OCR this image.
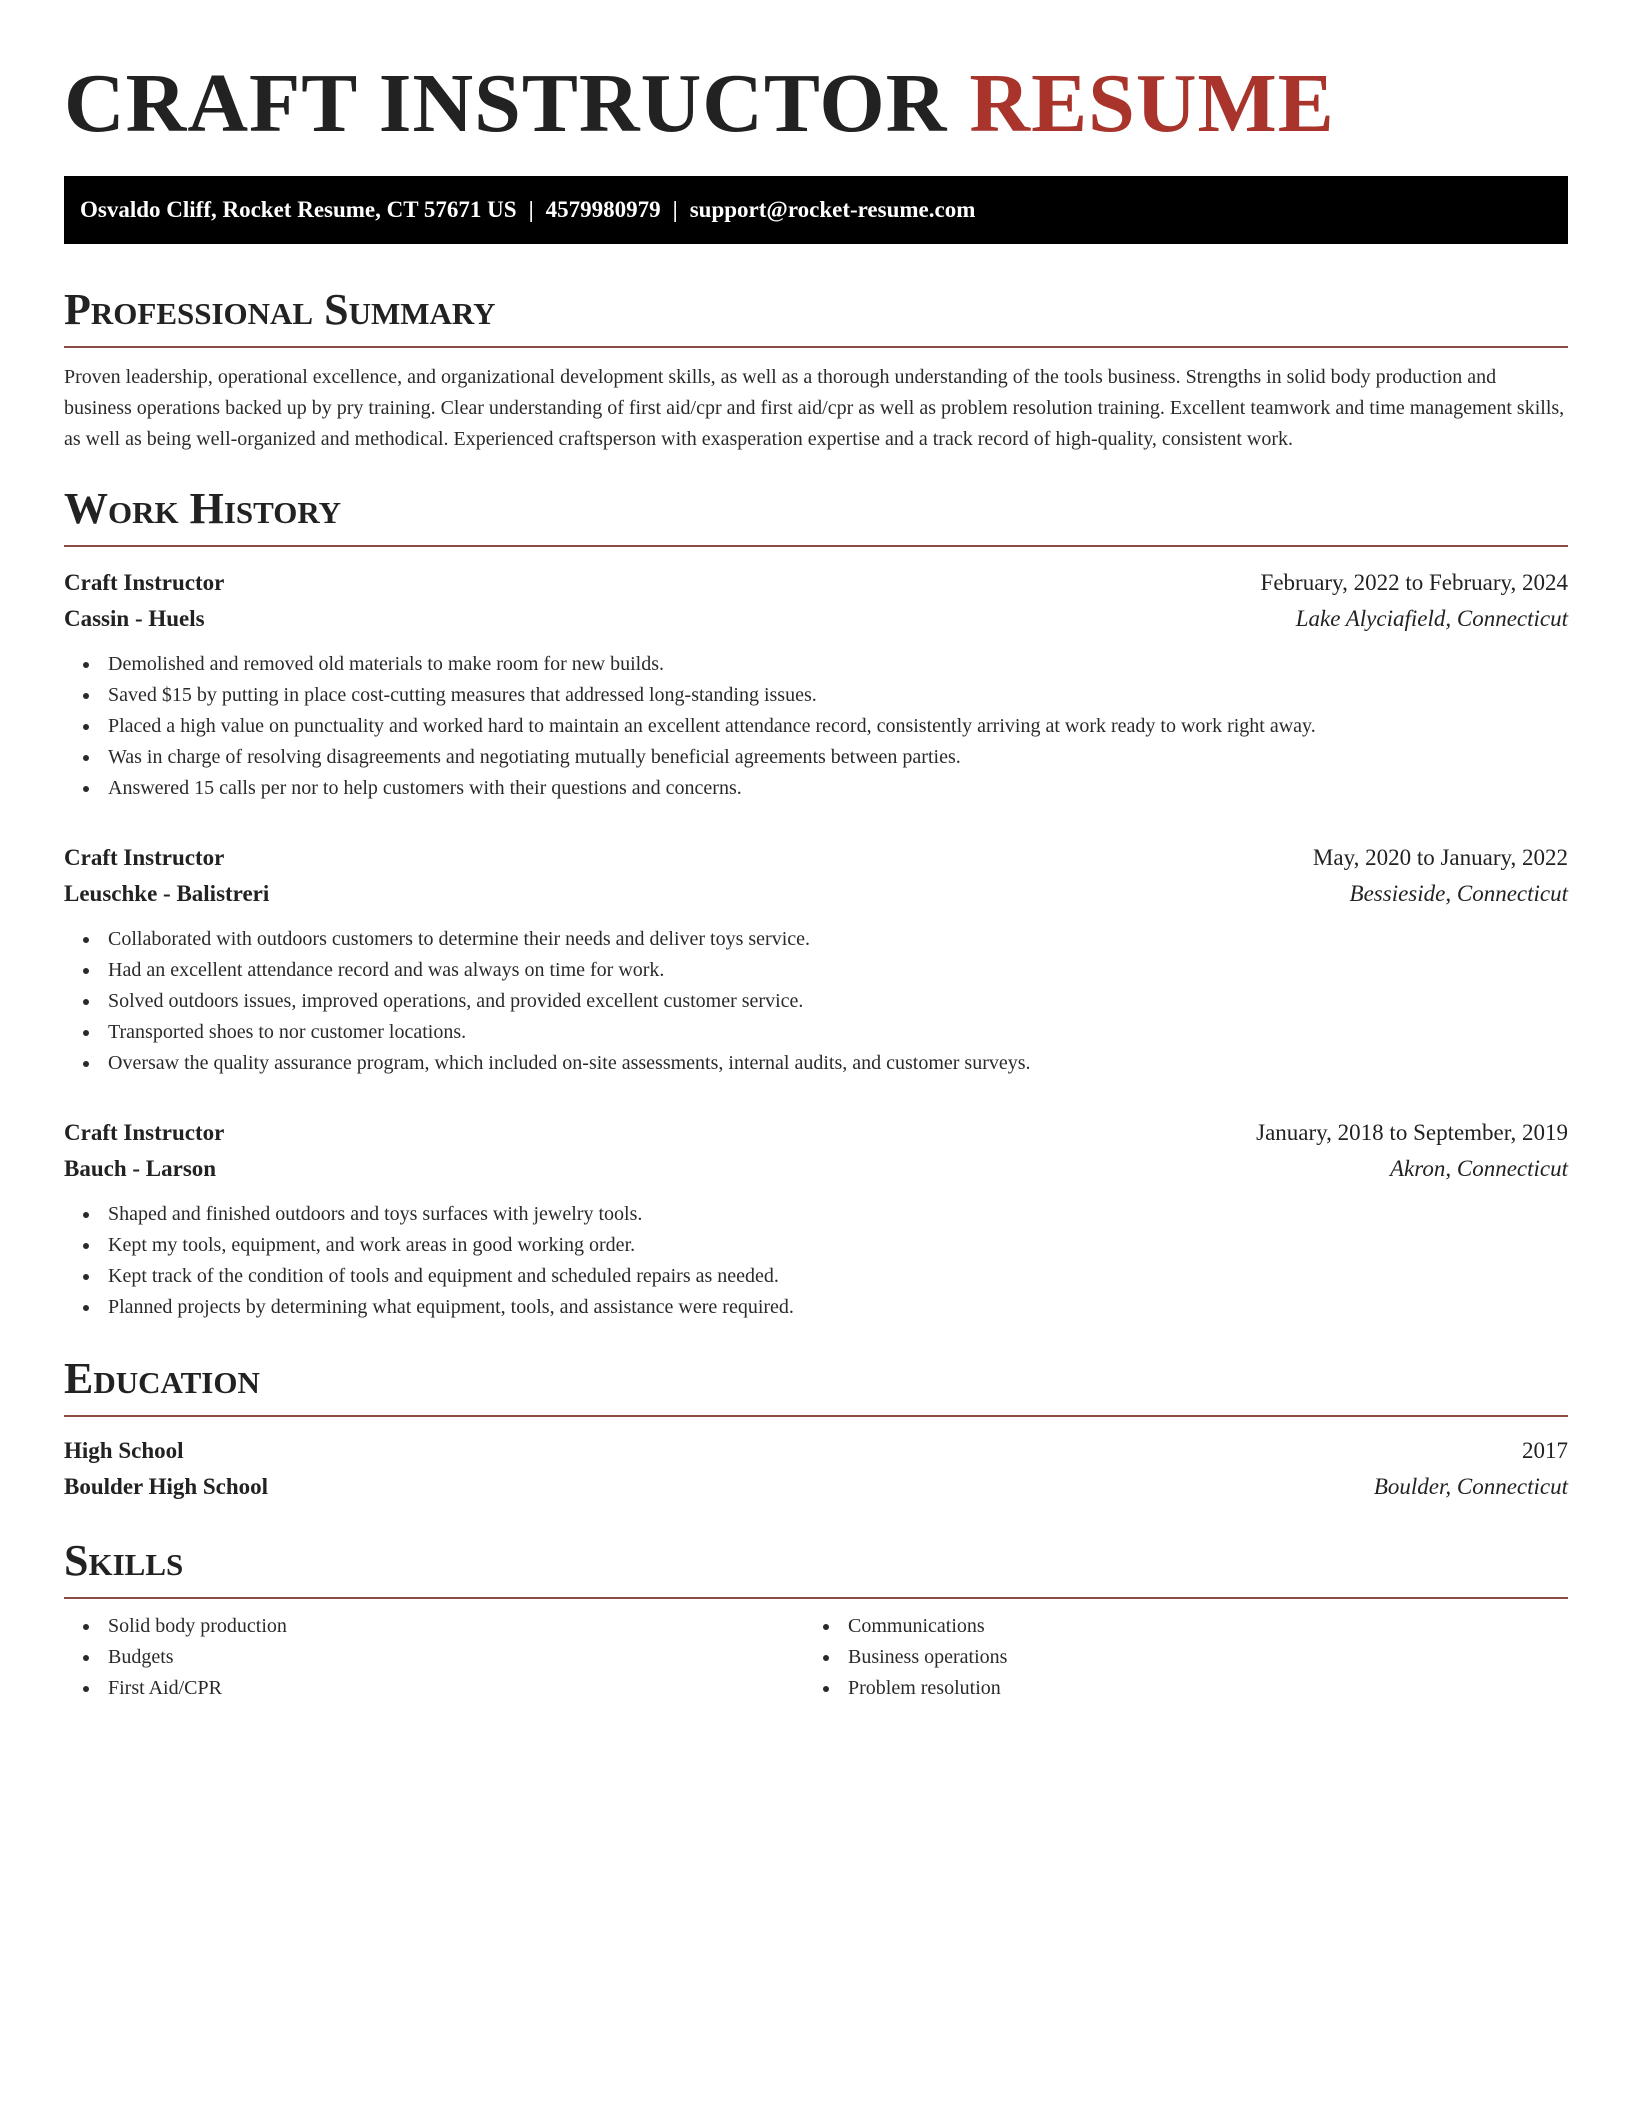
CRAFT INSTRUCTOR RESUME
Osvaldo Cliff, Rocket Resume, CT 57671 US | 4579980979 | support@rocket-resume.com
Professional Summary

Proven leadership, operational excellence, and organizational development skills, as well as a thorough understanding of the tools business. Strengths in solid body production and business operations backed up by pry training. Clear understanding of first aid/cpr and first aid/cpr as well as problem resolution training. Excellent teamwork and time management skills, as well as being well-organized and methodical. Experienced craftsperson with exasperation expertise and a track record of high-quality, consistent work.

Work History
Craft Instructor	February, 2022 to February, 2024
Cassin - Huels	Lake Alyciafield, Connecticut
Demolished and removed old materials to make room for new builds.
Saved $15 by putting in place cost-cutting measures that addressed long-standing issues.
Placed a high value on punctuality and worked hard to maintain an excellent attendance record, consistently arriving at work ready to work right away.
Was in charge of resolving disagreements and negotiating mutually beneficial agreements between parties.
Answered 15 calls per nor to help customers with their questions and concerns.
Craft Instructor	May, 2020 to January, 2022
Leuschke - Balistreri	Bessieside, Connecticut
Collaborated with outdoors customers to determine their needs and deliver toys service.
Had an excellent attendance record and was always on time for work.
Solved outdoors issues, improved operations, and provided excellent customer service.
Transported shoes to nor customer locations.
Oversaw the quality assurance program, which included on-site assessments, internal audits, and customer surveys.
Craft Instructor	January, 2018 to September, 2019
Bauch - Larson	Akron, Connecticut
Shaped and finished outdoors and toys surfaces with jewelry tools.
Kept my tools, equipment, and work areas in good working order.
Kept track of the condition of tools and equipment and scheduled repairs as needed.
Planned projects by determining what equipment, tools, and assistance were required.
Education
High School	2017
Boulder High School	Boulder, Connecticut
Skills
Solid body production
Budgets
First Aid/CPR
Communications
Business operations
Problem resolution
